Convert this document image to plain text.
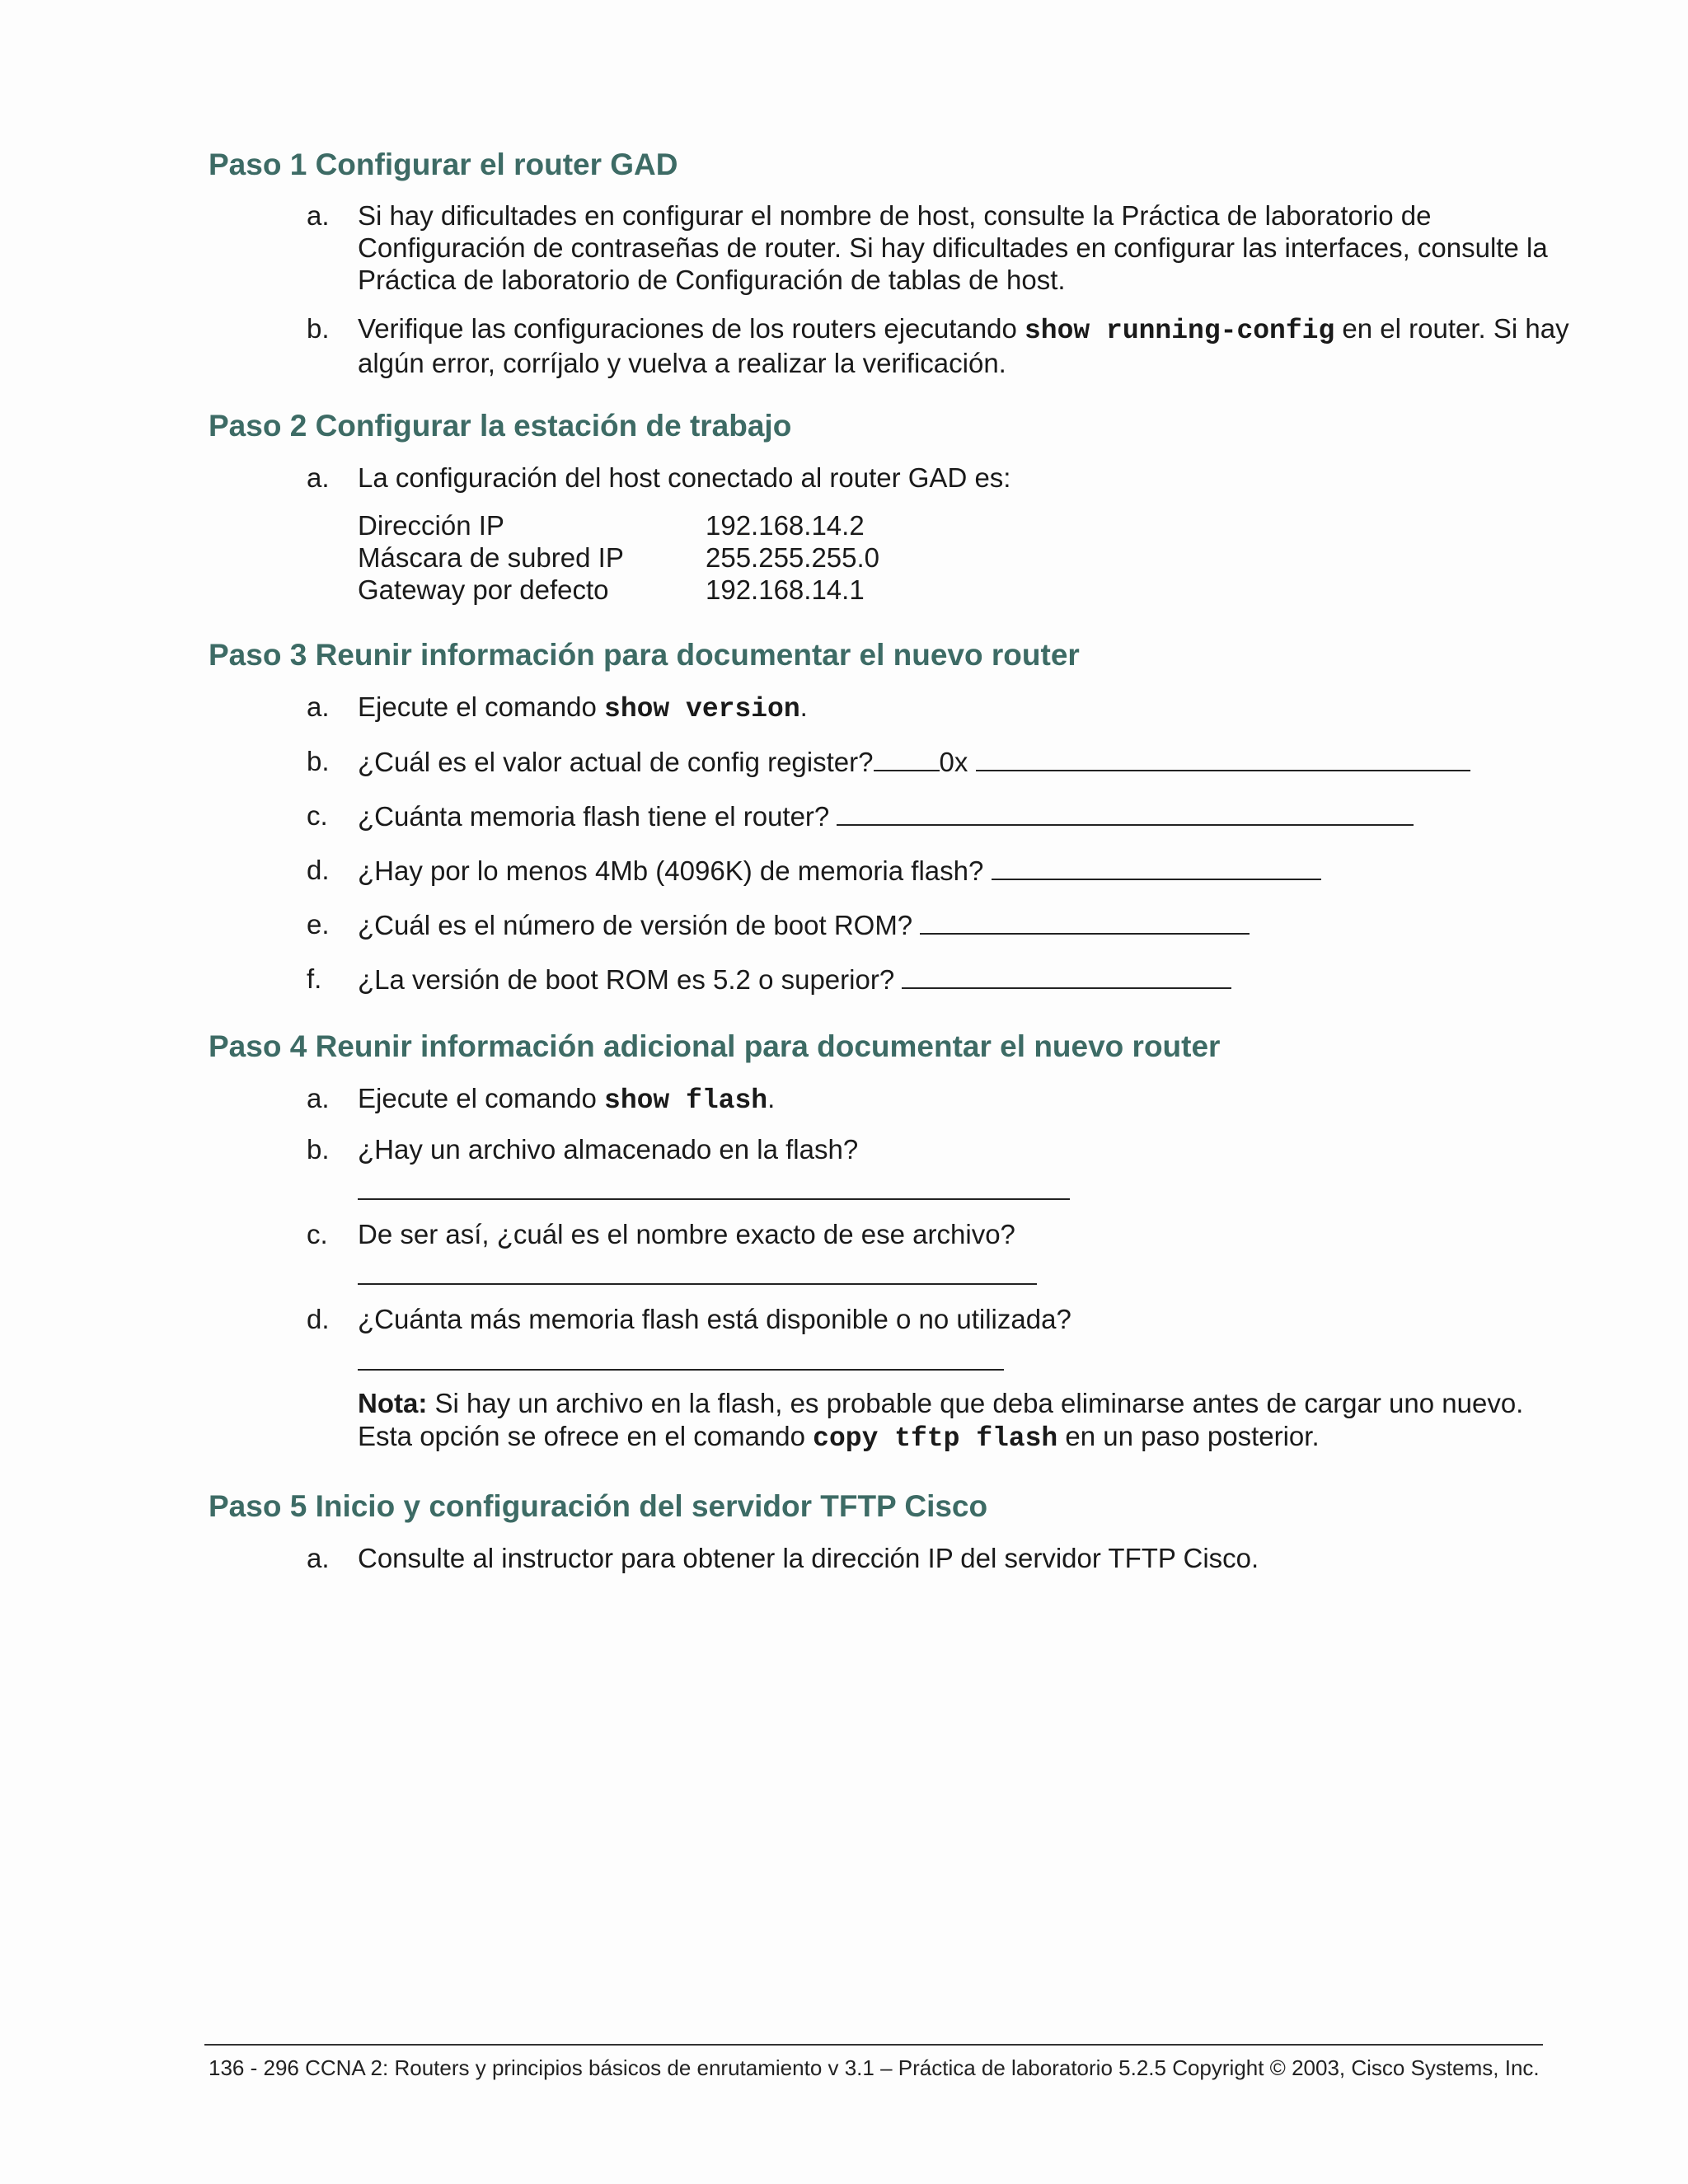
Paso 1 Configurar el router GAD
a. Si hay dificultades en configurar el nombre de host, consulte la Práctica de laboratorio de Configuración de contraseñas de router. Si hay dificultades en configurar las interfaces, consulte la Práctica de laboratorio de Configuración de tablas de host.
b. Verifique las configuraciones de los routers ejecutando show running-config en el router. Si hay algún error, corríjalo y vuelva a realizar la verificación.
Paso 2 Configurar la estación de trabajo
a. La configuración del host conectado al router GAD es:
Dirección IP	192.168.14.2
Máscara de subred IP	255.255.255.0
Gateway por defecto	192.168.14.1
Paso 3 Reunir información para documentar el nuevo router
a. Ejecute el comando show version.
b. ¿Cuál es el valor actual de config register? 0x
c. ¿Cuánta memoria flash tiene el router?
d. ¿Hay por lo menos 4Mb (4096K) de memoria flash?
e. ¿Cuál es el número de versión de boot ROM?
f. ¿La versión de boot ROM es 5.2 o superior?
Paso 4 Reunir información adicional para documentar el nuevo router
a. Ejecute el comando show flash.
b. ¿Hay un archivo almacenado en la flash?
c. De ser así, ¿cuál es el nombre exacto de ese archivo?
d. ¿Cuánta más memoria flash está disponible o no utilizada?
Nota: Si hay un archivo en la flash, es probable que deba eliminarse antes de cargar uno nuevo. Esta opción se ofrece en el comando copy tftp flash en un paso posterior.
Paso 5 Inicio y configuración del servidor TFTP Cisco
a. Consulte al instructor para obtener la dirección IP del servidor TFTP Cisco.
136 - 296 CCNA 2: Routers y principios básicos de enrutamiento v 3.1 – Práctica de laboratorio 5.2.5 Copyright © 2003, Cisco Systems, Inc.
